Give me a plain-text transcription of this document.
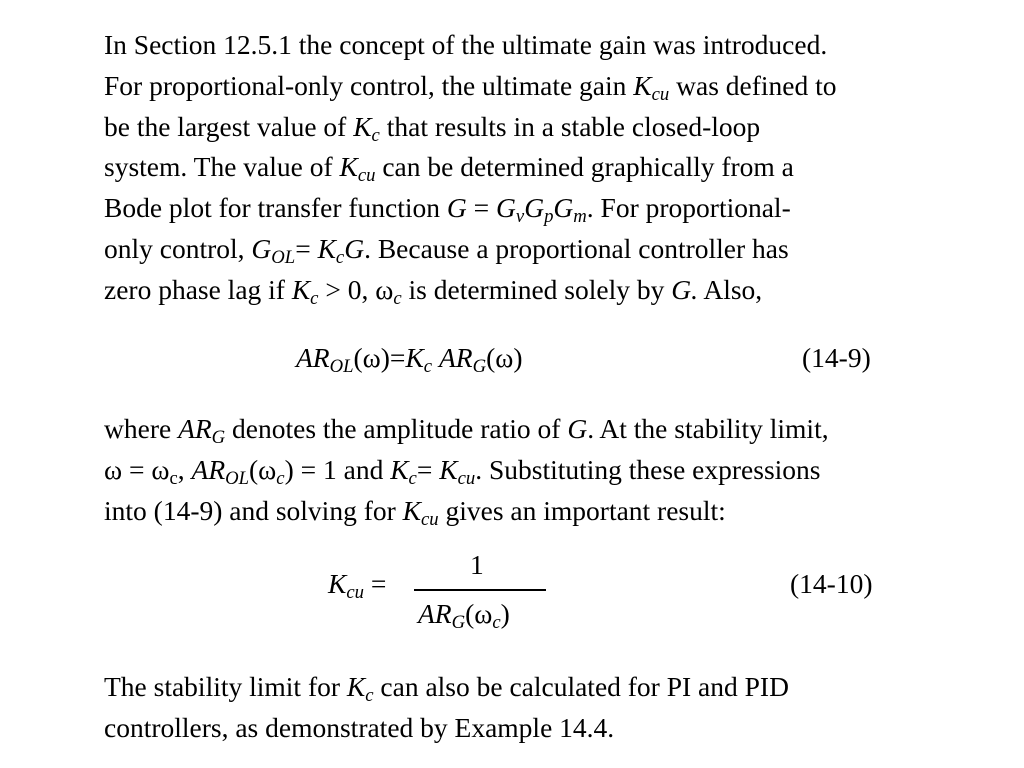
In Section 12.5.1 the concept of the ultimate gain was introduced.
For proportional-only control, the ultimate gain $K_{cu}$ was defined to
be the largest value of $K_c$ that results in a stable closed-loop
system. The value of $K_{cu}$ can be determined graphically from a
Bode plot for transfer function $G = G_vG_pG_m$. For proportional-
only control, $G_{OL}= K_cG$. Because a proportional controller has
zero phase lag if $K_c > 0$, $\omega_c$ is determined solely by G. Also,
$AR_{OL}(\omega)=K_c$ $AR_G(\omega)$	(14-9)
where $AR_G$ denotes the amplitude ratio of G. At the stability limit,
$\omega = \omega_c$, $AR_{OL}(\omega_c) = 1$ and $K_c= K_{cu}$. Substituting these expressions
into (14-9) and solving for $K_{cu}$ gives an important result:
$K_{cu}$ =
1
$AR_G(\omega_c)$
(14-10)
The stability limit for $K_c$ can also be calculated for PI and PID
controllers, as demonstrated by Example 14.4.
